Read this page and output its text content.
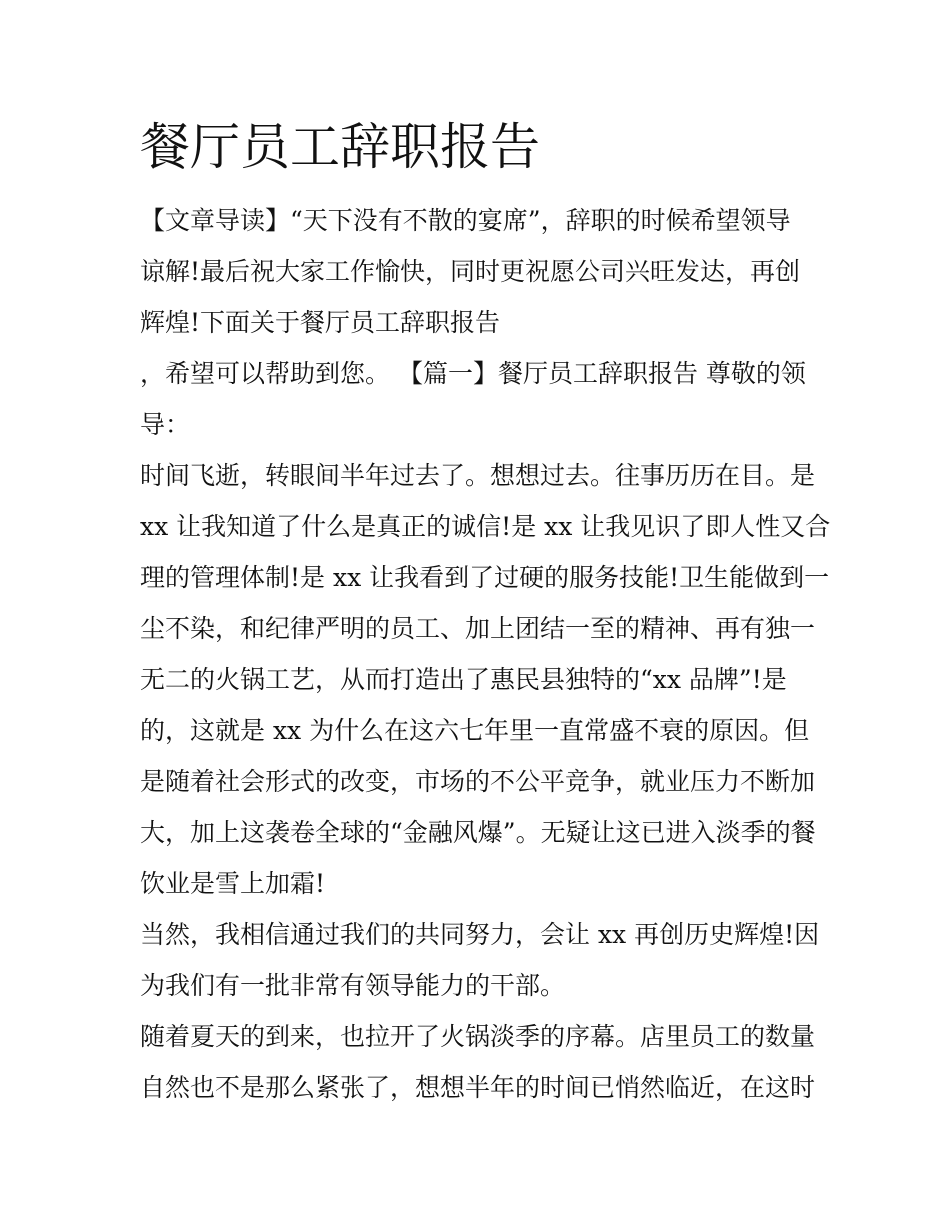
餐厅员工辞职报告

【文章导读】“天下没有不散的宴席”，辞职的时候希望领导

谅解!最后祝大家工作愉快，同时更祝愿公司兴旺发达，再创

辉煌!下面关于餐厅员工辞职报告

，希望可以帮助到您。 【篇一】餐厅员工辞职报告 尊敬的领

导：

时间飞逝，转眼间半年过去了。想想过去。往事历历在目。是

xx 让我知道了什么是真正的诚信!是 xx 让我见识了即人性又合

理的管理体制!是 xx 让我看到了过硬的服务技能!卫生能做到一

尘不染，和纪律严明的员工、加上团结一至的精神、再有独一

无二的火锅工艺，从而打造出了惠民县独特的“xx 品牌”!是

的，这就是 xx 为什么在这六七年里一直常盛不衰的原因。但

是随着社会形式的改变，市场的不公平竞争，就业压力不断加

大，加上这袭卷全球的“金融风爆”。无疑让这已进入淡季的餐

饮业是雪上加霜!

当然，我相信通过我们的共同努力，会让 xx 再创历史辉煌!因

为我们有一批非常有领导能力的干部。

随着夏天的到来，也拉开了火锅淡季的序幕。店里员工的数量

自然也不是那么紧张了，想想半年的时间已悄然临近，在这时
